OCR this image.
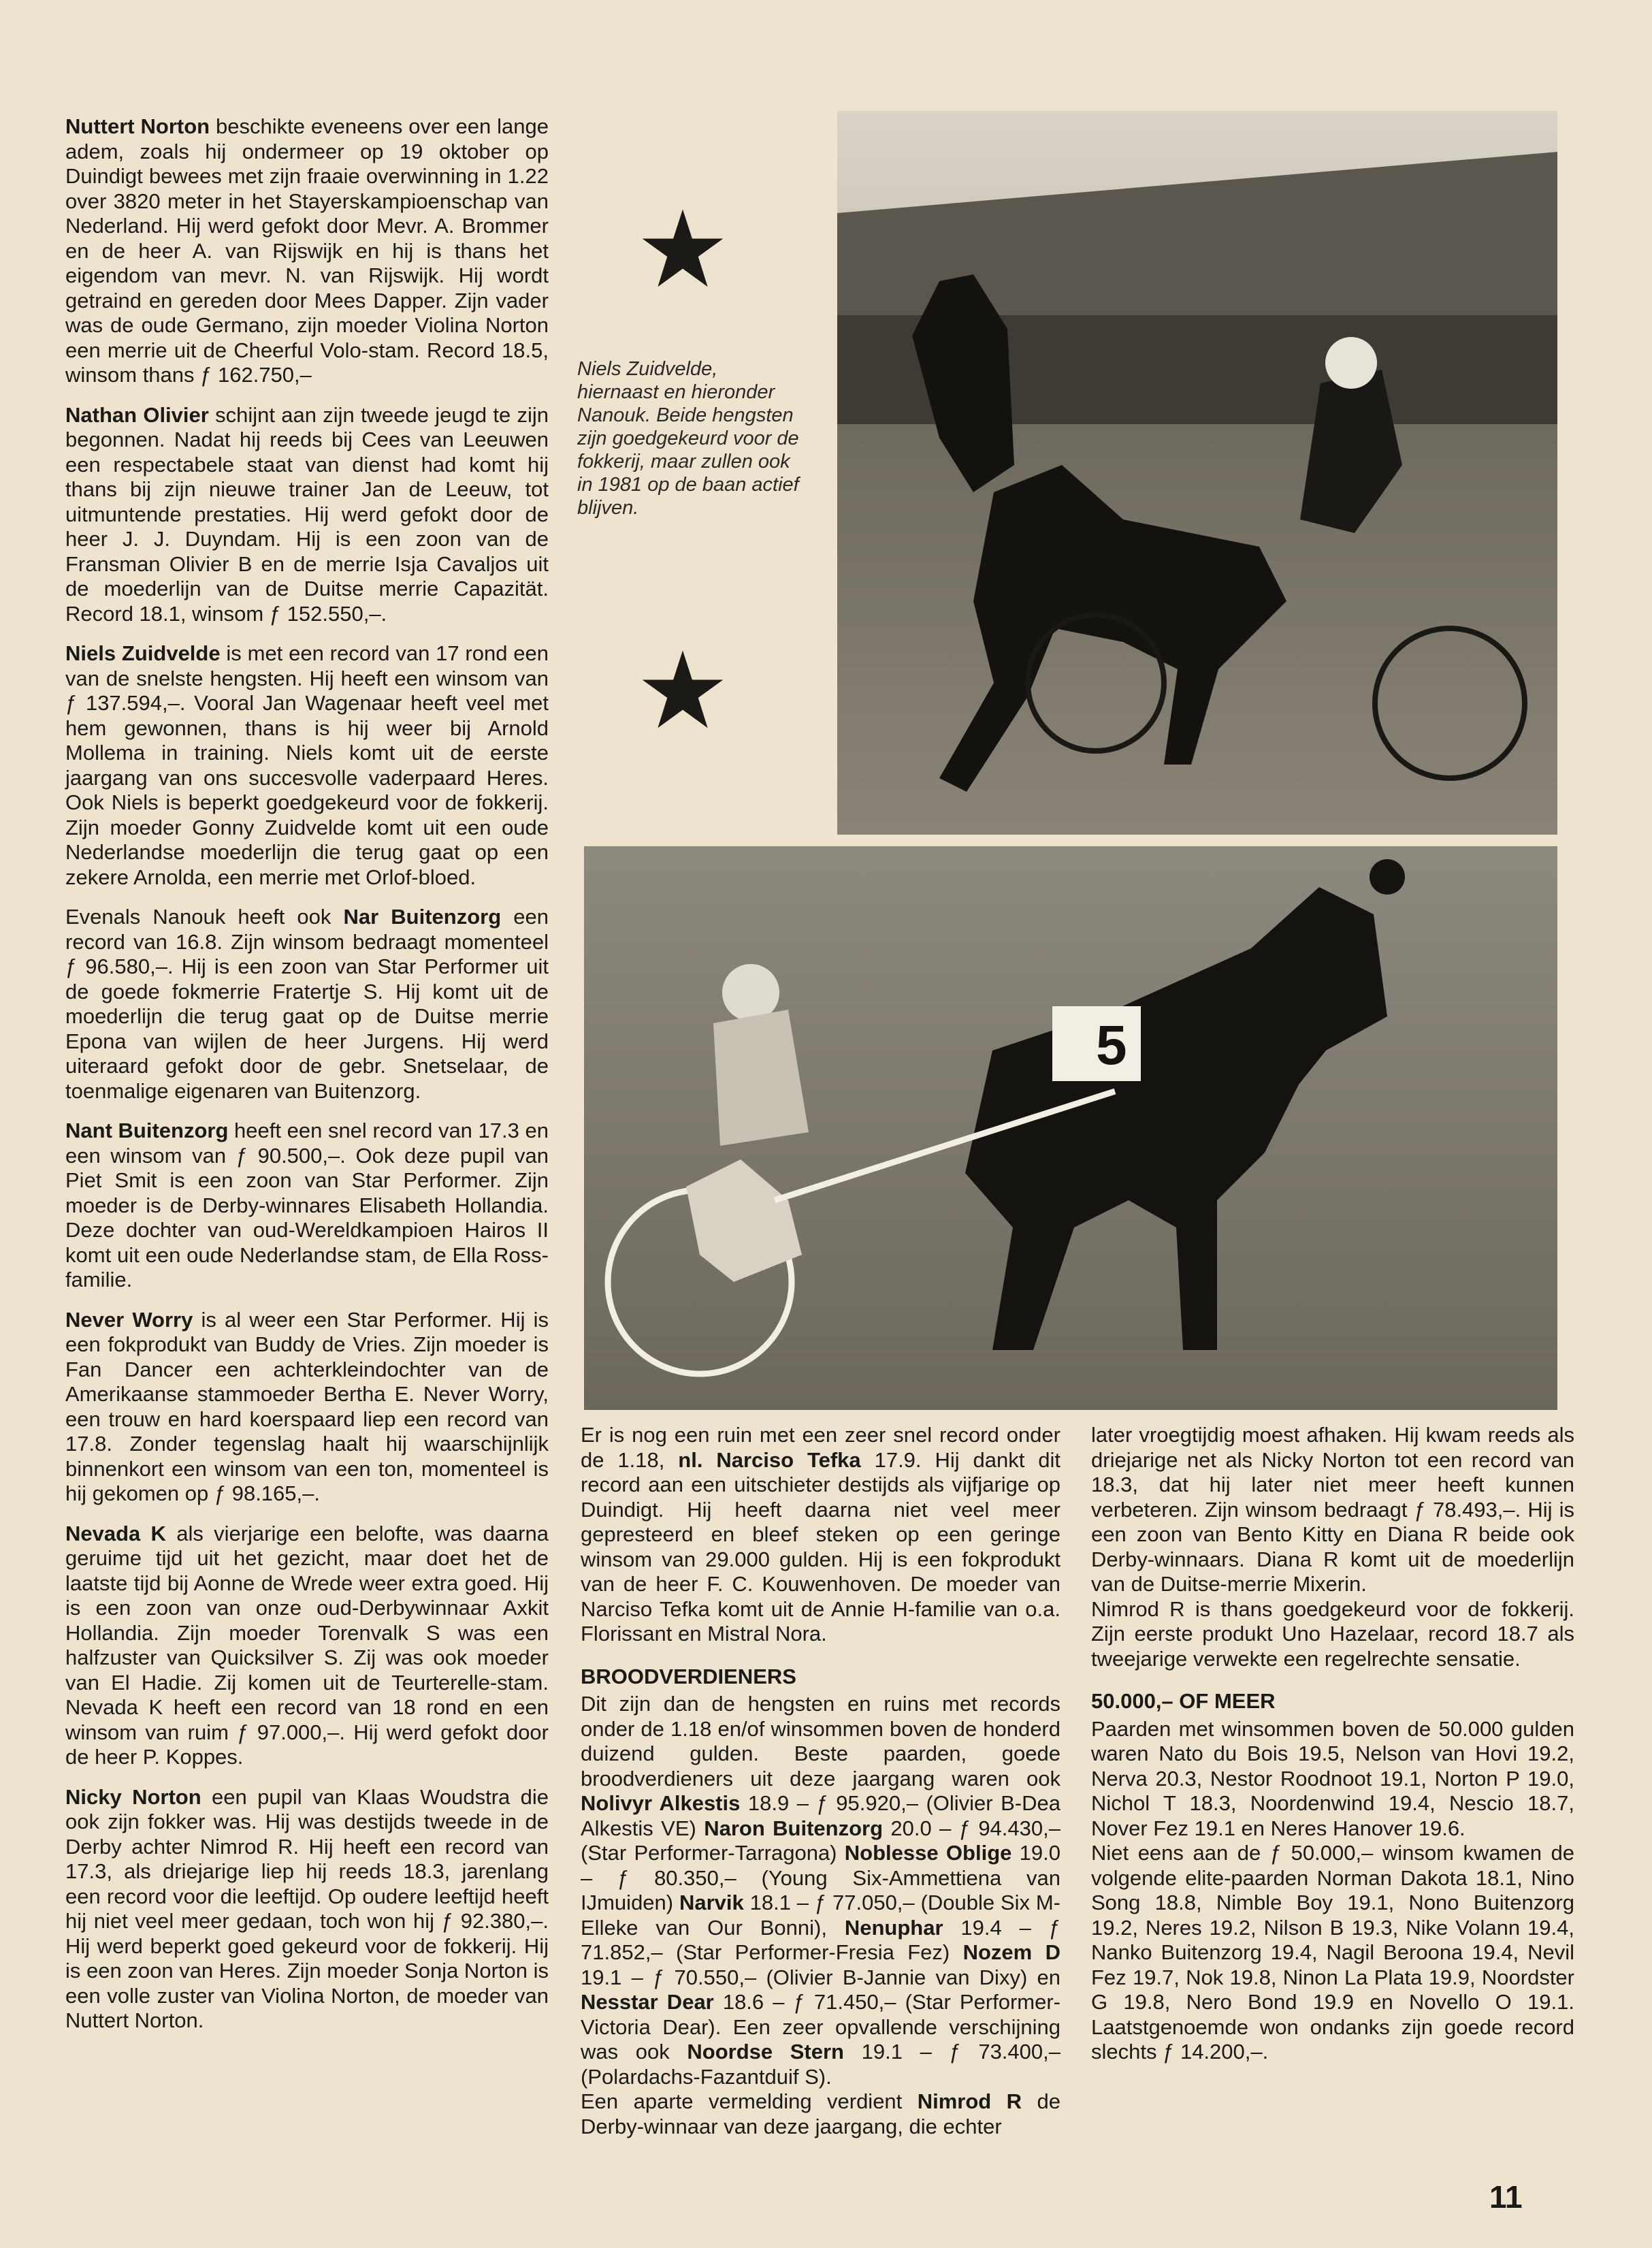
Nuttert Norton beschikte eveneens over een lange adem, zoals hij ondermeer op 19 oktober op Duindigt bewees met zijn fraaie overwinning in 1.22 over 3820 meter in het Stayerskampioenschap van Nederland. Hij werd gefokt door Mevr. A. Brommer en de heer A. van Rijswijk en hij is thans het eigendom van mevr. N. van Rijswijk. Hij wordt getraind en gereden door Mees Dapper. Zijn vader was de oude Germano, zijn moeder Violina Norton een merrie uit de Cheerful Volo-stam. Record 18.5, winsom thans ƒ 162.750,–

Nathan Olivier schijnt aan zijn tweede jeugd te zijn begonnen. Nadat hij reeds bij Cees van Leeuwen een respectabele staat van dienst had komt hij thans bij zijn nieuwe trainer Jan de Leeuw, tot uitmuntende prestaties. Hij werd gefokt door de heer J. J. Duyndam. Hij is een zoon van de Fransman Olivier B en de merrie Isja Cavaljos uit de moederlijn van de Duitse merrie Capazität. Record 18.1, winsom ƒ 152.550,–.

Niels Zuidvelde is met een record van 17 rond een van de snelste hengsten. Hij heeft een winsom van ƒ 137.594,–. Vooral Jan Wagenaar heeft veel met hem gewonnen, thans is hij weer bij Arnold Mollema in training. Niels komt uit de eerste jaargang van ons succesvolle vaderpaard Heres. Ook Niels is beperkt goedgekeurd voor de fokkerij. Zijn moeder Gonny Zuidvelde komt uit een oude Nederlandse moederlijn die terug gaat op een zekere Arnolda, een merrie met Orlof-bloed.

Evenals Nanouk heeft ook Nar Buitenzorg een record van 16.8. Zijn winsom bedraagt momenteel ƒ 96.580,–. Hij is een zoon van Star Performer uit de goede fokmerrie Fratertje S. Hij komt uit de moederlijn die terug gaat op de Duitse merrie Epona van wijlen de heer Jurgens. Hij werd uiteraard gefokt door de gebr. Snetselaar, de toenmalige eigenaren van Buitenzorg.

Nant Buitenzorg heeft een snel record van 17.3 en een winsom van ƒ 90.500,–. Ook deze pupil van Piet Smit is een zoon van Star Performer. Zijn moeder is de Derby-winnares Elisabeth Hollandia. Deze dochter van oud-Wereldkampioen Hairos II komt uit een oude Nederlandse stam, de Ella Ross-familie.

Never Worry is al weer een Star Performer. Hij is een fokprodukt van Buddy de Vries. Zijn moeder is Fan Dancer een achterkleindochter van de Amerikaanse stammoeder Bertha E. Never Worry, een trouw en hard koerspaard liep een record van 17.8. Zonder tegenslag haalt hij waarschijnlijk binnenkort een winsom van een ton, momenteel is hij gekomen op ƒ 98.165,–.

Nevada K als vierjarige een belofte, was daarna geruime tijd uit het gezicht, maar doet het de laatste tijd bij Aonne de Wrede weer extra goed. Hij is een zoon van onze oud-Derbywinnaar Axkit Hollandia. Zijn moeder Torenvalk S was een halfzuster van Quicksilver S. Zij was ook moeder van El Hadie. Zij komen uit de Teurterelle-stam. Nevada K heeft een record van 18 rond en een winsom van ruim ƒ 97.000,–. Hij werd gefokt door de heer P. Koppes.

Nicky Norton een pupil van Klaas Woudstra die ook zijn fokker was. Hij was destijds tweede in de Derby achter Nimrod R. Hij heeft een record van 17.3, als driejarige liep hij reeds 18.3, jarenlang een record voor die leeftijd. Op oudere leeftijd heeft hij niet veel meer gedaan, toch won hij ƒ 92.380,–. Hij werd beperkt goed gekeurd voor de fokkerij. Hij is een zoon van Heres. Zijn moeder Sonja Norton is een volle zuster van Violina Norton, de moeder van Nuttert Norton.

Niels Zuidvelde, hiernaast en hieronder Nanouk. Beide hengsten zijn goedgekeurd voor de fokkerij, maar zullen ook in 1981 op de baan actief blijven.
5

Er is nog een ruin met een zeer snel record onder de 1.18, nl. Narciso Tefka 17.9. Hij dankt dit record aan een uitschieter destijds als vijfjarige op Duindigt. Hij heeft daarna niet veel meer gepresteerd en bleef steken op een geringe winsom van 29.000 gulden. Hij is een fokprodukt van de heer F. C. Kouwenhoven. De moeder van Narciso Tefka komt uit de Annie H-familie van o.a. Florissant en Mistral Nora.

BROODVERDIENERS

Dit zijn dan de hengsten en ruins met records onder de 1.18 en/of winsommen boven de honderd duizend gulden. Beste paarden, goede broodverdieners uit deze jaargang waren ook Nolivyr Alkestis 18.9 – ƒ 95.920,– (Olivier B-Dea Alkestis VE) Naron Buitenzorg 20.0 – ƒ 94.430,– (Star Performer-Tarragona) Noblesse Oblige 19.0 – ƒ 80.350,– (Young Six-Ammettiena van IJmuiden) Narvik 18.1 – ƒ 77.050,– (Double Six M-Elleke van Our Bonni), Nenuphar 19.4 – ƒ 71.852,– (Star Performer-Fresia Fez) Nozem D 19.1 – ƒ 70.550,– (Olivier B-Jannie van Dixy) en Nesstar Dear 18.6 – ƒ 71.450,– (Star Performer-Victoria Dear). Een zeer opvallende verschijning was ook Noordse Stern 19.1 – ƒ 73.400,– (Polardachs-Fazantduif S).

Een aparte vermelding verdient Nimrod R de Derby-winnaar van deze jaargang, die echter

later vroegtijdig moest afhaken. Hij kwam reeds als driejarige net als Nicky Norton tot een record van 18.3, dat hij later niet meer heeft kunnen verbeteren. Zijn winsom bedraagt ƒ 78.493,–. Hij is een zoon van Bento Kitty en Diana R beide ook Derby-winnaars. Diana R komt uit de moederlijn van de Duitse-merrie Mixerin.

Nimrod R is thans goedgekeurd voor de fokkerij. Zijn eerste produkt Uno Hazelaar, record 18.7 als tweejarige verwekte een regelrechte sensatie.

50.000,– OF MEER

Paarden met winsommen boven de 50.000 gulden waren Nato du Bois 19.5, Nelson van Hovi 19.2, Nerva 20.3, Nestor Roodnoot 19.1, Norton P 19.0, Nichol T 18.3, Noordenwind 19.4, Nescio 18.7, Nover Fez 19.1 en Neres Hanover 19.6.

Niet eens aan de ƒ 50.000,– winsom kwamen de volgende elite-paarden Norman Dakota 18.1, Nino Song 18.8, Nimble Boy 19.1, Nono Buitenzorg 19.2, Neres 19.2, Nilson B 19.3, Nike Volann 19.4, Nanko Buitenzorg 19.4, Nagil Beroona 19.4, Nevil Fez 19.7, Nok 19.8, Ninon La Plata 19.9, Noordster G 19.8, Nero Bond 19.9 en Novello O 19.1. Laatstgenoemde won ondanks zijn goede record slechts ƒ 14.200,–.

11
